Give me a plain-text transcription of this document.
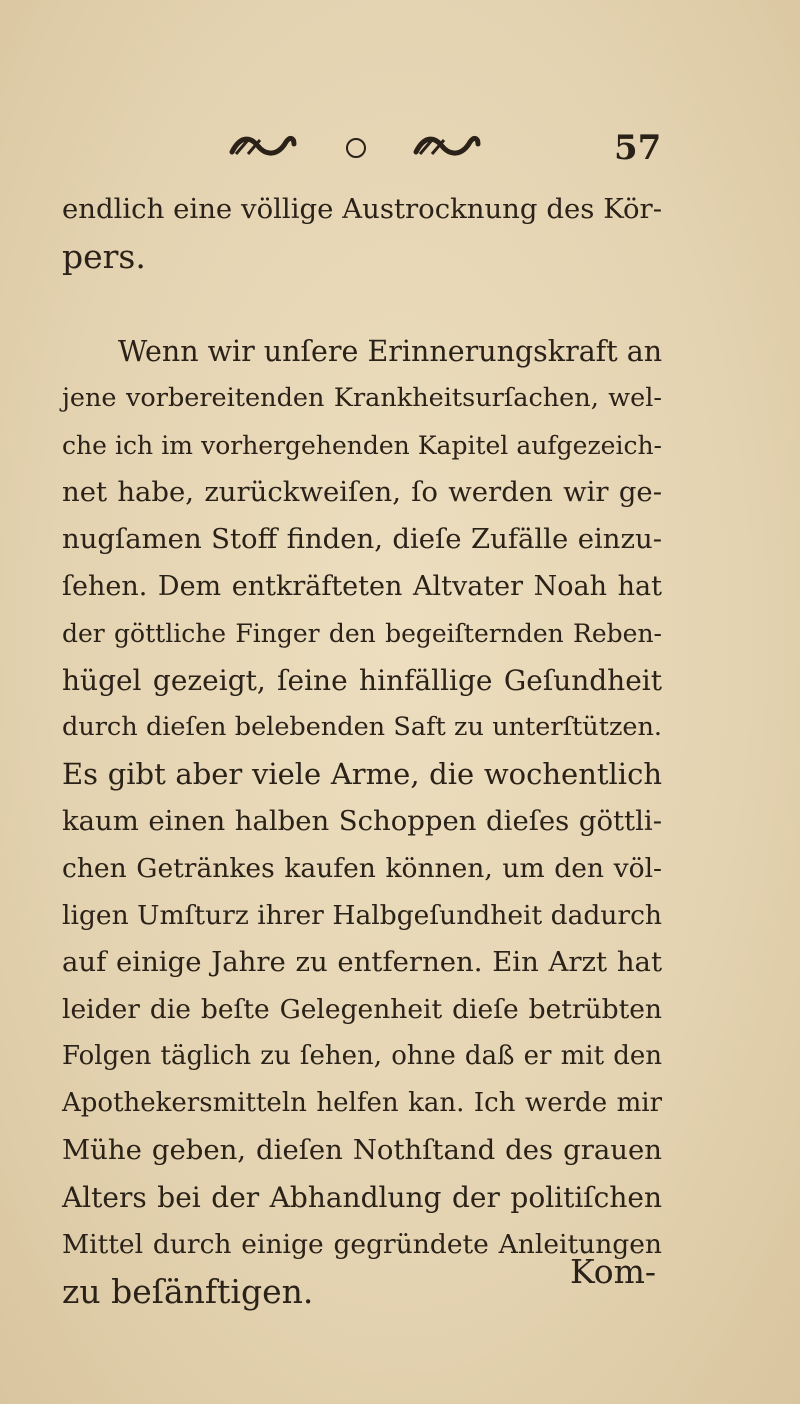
57
endlich eine völlige Austrocknung des Kör-
pers.
Wenn wir unſere Erinnerungskraft an
jene vorbereitenden Krankheitsurſachen, wel-
che ich im vorhergehenden Kapitel aufgezeich-
net habe, zurückweiſen, ſo werden wir ge-
nugſamen Stoff finden, dieſe Zufälle einzu-
ſehen. Dem entkräfteten Altvater Noah hat
der göttliche Finger den begeiſternden Reben-
hügel gezeigt, ſeine hinfällige Geſundheit
durch dieſen belebenden Saft zu unterſtützen.
Es gibt aber viele Arme, die wochentlich
kaum einen halben Schoppen dieſes göttli-
chen Getränkes kaufen können, um den völ-
ligen Umſturz ihrer Halbgeſundheit dadurch
auf einige Jahre zu entfernen. Ein Arzt hat
leider die beſte Gelegenheit dieſe betrübten
Folgen täglich zu ſehen, ohne daß er mit den
Apothekersmitteln helfen kan. Ich werde mir
Mühe geben, dieſen Nothſtand des grauen
Alters bei der Abhandlung der politiſchen
Mittel durch einige gegründete Anleitungen
zu beſänftigen.
Kom-
